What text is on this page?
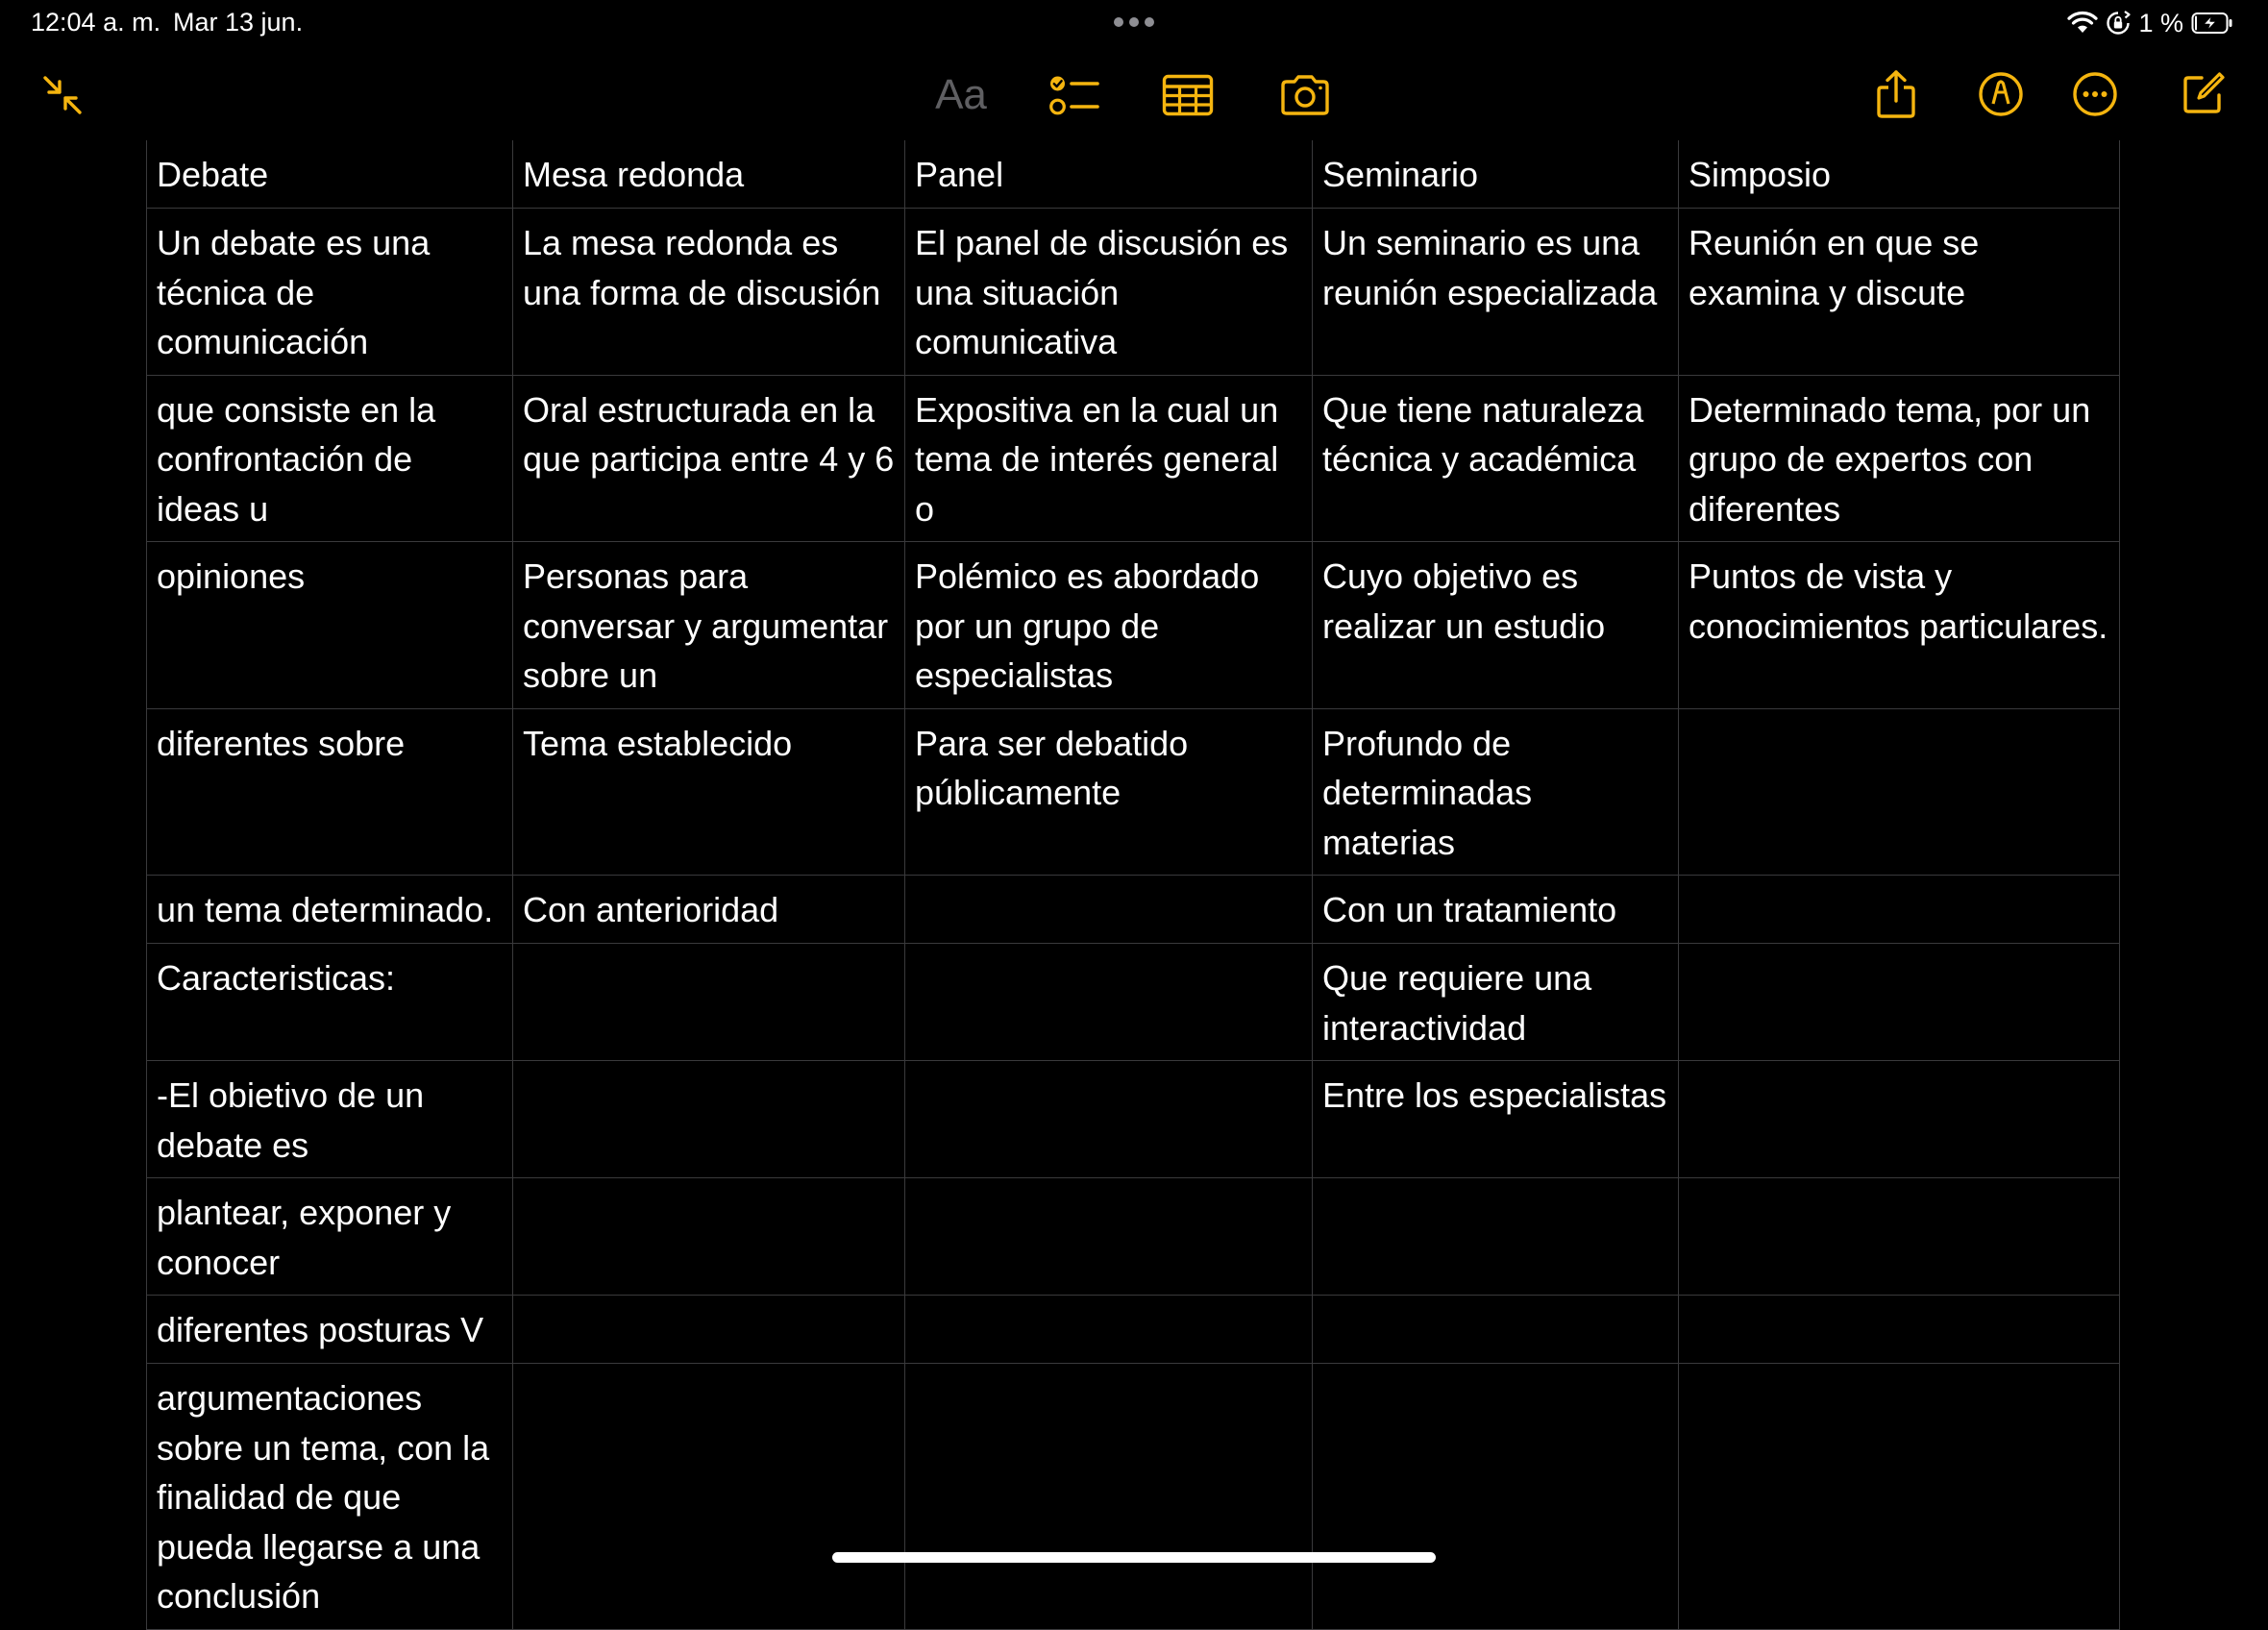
12:04 a. m. Mar 13 jun.	1 %
Aa
Debate	Mesa redonda	Panel	Seminario	Simposio
Un debate es una técnica de comunicación	La mesa redonda es una forma de discusión	El panel de discusión es una situación comunicativa	Un seminario es una reunión especializada	Reunión en que se examina y discute
que consiste en la confrontación de ideas u	Oral estructurada en la que participa entre 4 y 6	Expositiva en la cual un tema de interés general o	Que tiene naturaleza técnica y académica	Determinado tema, por un grupo de expertos con diferentes
opiniones	Personas para conversar y argumentar sobre un	Polémico es abordado por un grupo de especialistas	Cuyo objetivo es realizar un estudio	Puntos de vista y conocimientos particulares.
diferentes sobre	Tema establecido	Para ser debatido públicamente	Profundo de determinadas materias	
un tema determinado.	Con anterioridad		Con un tratamiento	
Caracteristicas:			Que requiere una interactividad	
-El obietivo de un debate es			Entre los especialistas	
plantear, exponer y conocer				
diferentes posturas V				
argumentaciones sobre un tema, con la finalidad de que pueda llegarse a una conclusión				
